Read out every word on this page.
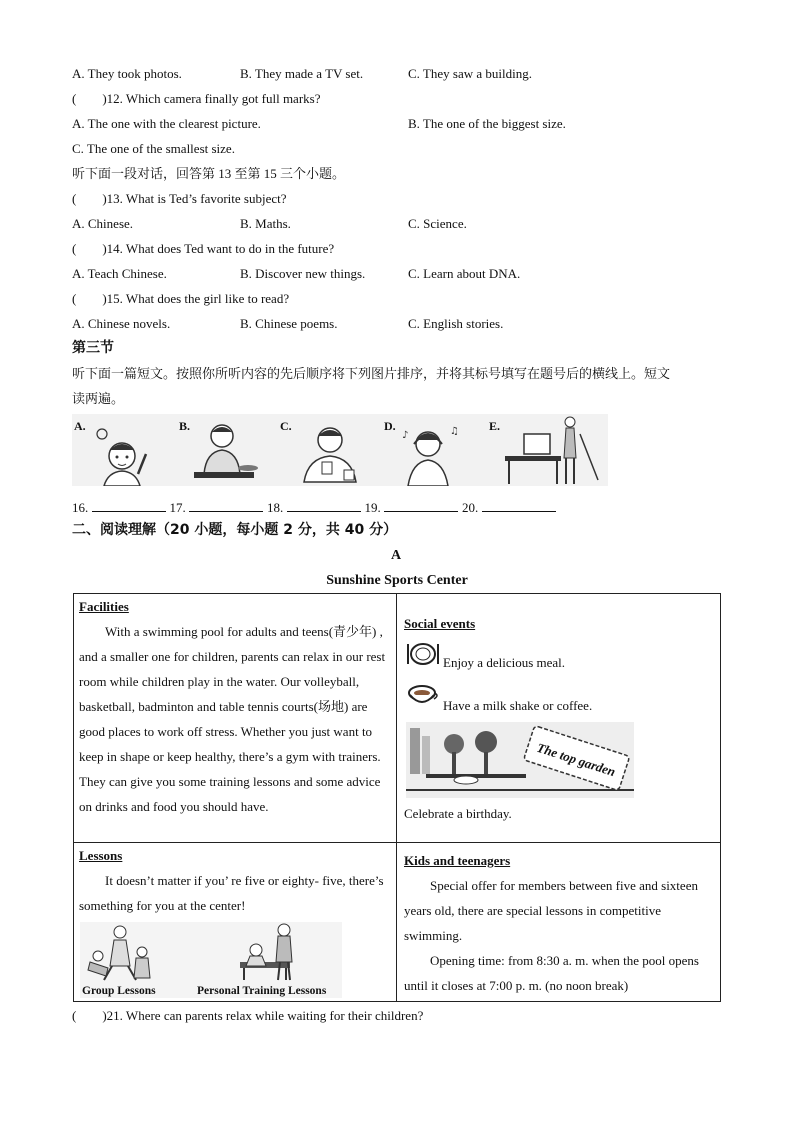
A. They took photos.	B. They made a TV set.	C. They saw a building.
(　　)12. Which camera finally got full marks?
A. The one with the clearest picture.	B. The one of the biggest size.
C. The one of the smallest size.
听下面一段对话，回答第 13 至第 15 三个小题。
(　　)13. What is Ted’s favorite subject?
A. Chinese.	B. Maths.	C. Science.
(　　)14. What does Ted want to do in the future?
A. Teach Chinese.	B. Discover new things.	C. Learn about DNA.
(　　)15. What does the girl like to read?
A. Chinese novels.	B. Chinese poems.	C. English stories.
第三节
听下面一篇短文。按照你所听内容的先后顺序将下列图片排序，并将其标号填写在题号后的横线上。短文
读两遍。
A.	B.	C.	D.
♪	♫	E.
16.	17.	18.	19.	20.
二、阅读理解（20 小题，每小题 2 分，共 40 分）
A
Sunshine Sports Center

Facilities

With a swimming pool for adults and teens(青少年) , and a smaller one for children, parents can relax in our rest room while children play in the water. Our volleyball, basketball, badminton and table tennis courts(场地) are good places to work off stress. Whether you just want to keep in shape or keep healthy, there’s a gym with trainers. They can give you some training lessons and some advice on drinks and food you should have.

Social events

Enjoy a delicious meal.
Have a milk shake or coffee.
The top garden
Celebrate a birthday.

Lessons

It doesn’t matter if you’ re five or eighty- five, there’s something for you at the center!

Group Lessons	Personal Training Lessons

Kids and teenagers

Special offer for members between five and sixteen years old, there are special lessons in competitive swimming.

Opening time: from 8:30 a. m. when the pool opens until it closes at 7:00 p. m. (no noon break)

(　　)21. Where can parents relax while waiting for their children?
